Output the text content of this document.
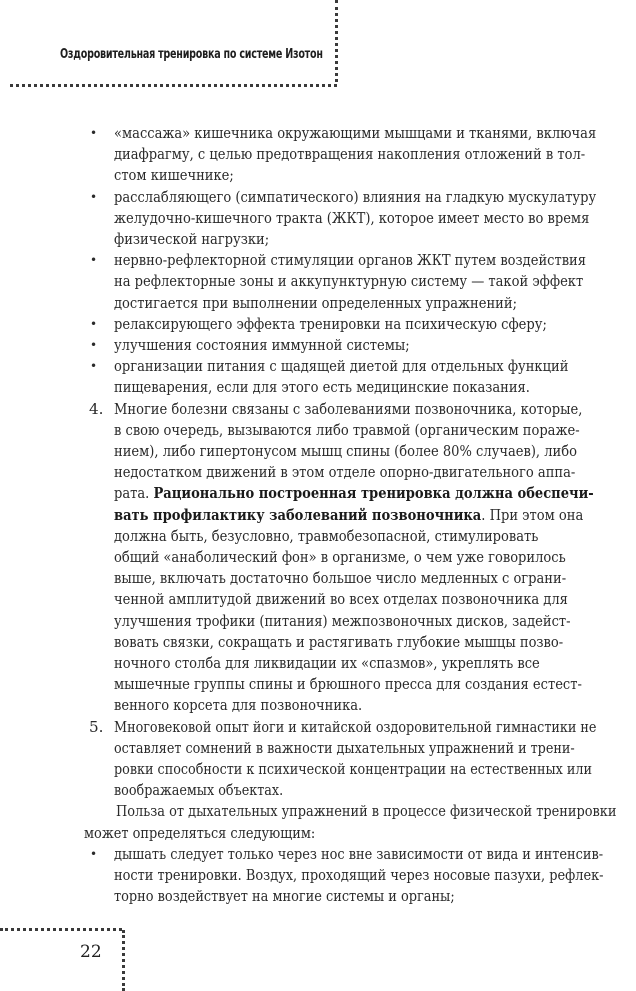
Оздоровительная тренировка по системе Изотон
• «массажа» кишечника окружающими мышцами и тканями, включая
диафрагму, с целью предотвращения накопления отложений в тол-
стом кишечнике;
• расслабляющего (симпатического) влияния на гладкую мускулатуру
желудочно-кишечного тракта (ЖКТ), которое имеет место во время
физической нагрузки;
• нервно-рефлекторной стимуляции органов ЖКТ путем воздействия
на рефлекторные зоны и аккупунктурную систему — такой эффект
достигается при выполнении определенных упражнений;
• релаксирующего эффекта тренировки на психическую сферу;
• улучшения состояния иммунной системы;
• организации питания с щадящей диетой для отдельных функций
пищеварения, если для этого есть медицинские показания.
4. Многие болезни связаны с заболеваниями позвоночника, которые,
в свою очередь, вызываются либо травмой (органическим пораже-
нием), либо гипертонусом мышц спины (более 80% случаев), либо
недостатком движений в этом отделе опорно-двигательного аппа-
рата. Рационально построенная тренировка должна обеспечи-
вать профилактику заболеваний позвоночника. При этом она
должна быть, безусловно, травмобезопасной, стимулировать
общий «анаболический фон» в организме, о чем уже говорилось
выше, включать достаточно большое число медленных с ограни-
ченной амплитудой движений во всех отделах позвоночника для
улучшения трофики (питания) межпозвоночных дисков, задейст-
вовать связки, сокращать и растягивать глубокие мышцы позво-
ночного столба для ликвидации их «спазмов», укреплять все
мышечные группы спины и брюшного пресса для создания естест-
венного корсета для позвоночника.
5. Многовековой опыт йоги и китайской оздоровительной гимнастики не
оставляет сомнений в важности дыхательных упражнений и трени-
ровки способности к психической концентрации на естественных или
воображаемых объектах.
Польза от дыхательных упражнений в процессе физической тренировки
может определяться следующим:
• дышать следует только через нос вне зависимости от вида и интенсив-
ности тренировки. Воздух, проходящий через носовые пазухи, рефлек-
торно воздействует на многие системы и органы;
22
